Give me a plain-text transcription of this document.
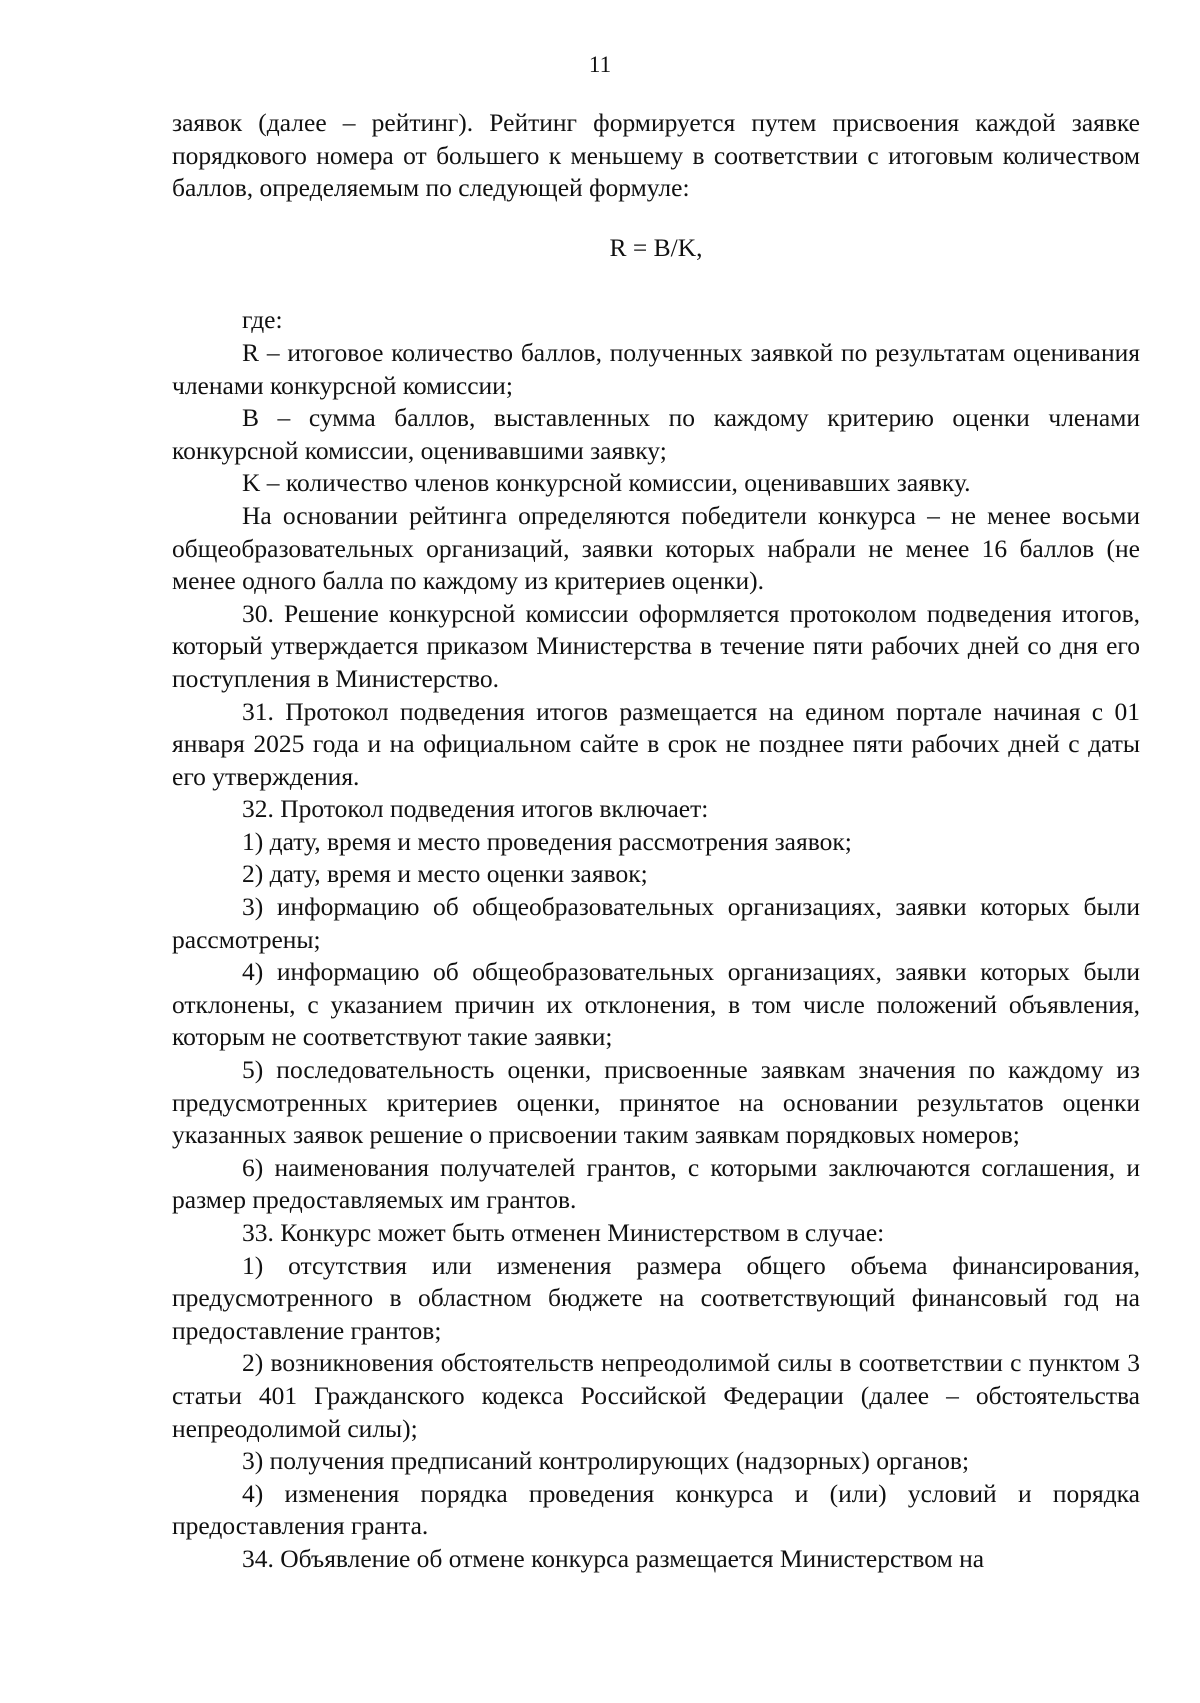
11

заявок (далее – рейтинг). Рейтинг формируется путем присвоения каждой заявке порядкового номера от большего к меньшему в соответствии с итоговым количеством баллов, определяемым по следующей формуле:

R = B/K,

где:

R – итоговое количество баллов, полученных заявкой по результатам оценивания членами конкурсной комиссии;

B – сумма баллов, выставленных по каждому критерию оценки членами конкурсной комиссии, оценивавшими заявку;

K – количество членов конкурсной комиссии, оценивавших заявку.

На основании рейтинга определяются победители конкурса – не менее восьми общеобразовательных организаций, заявки которых набрали не менее 16 баллов (не менее одного балла по каждому из критериев оценки).

30. Решение конкурсной комиссии оформляется протоколом подведения итогов, который утверждается приказом Министерства в течение пяти рабочих дней со дня его поступления в Министерство.

31. Протокол подведения итогов размещается на едином портале начиная с 01 января 2025 года и на официальном сайте в срок не позднее пяти рабочих дней с даты его утверждения.

32. Протокол подведения итогов включает:

1) дату, время и место проведения рассмотрения заявок;

2) дату, время и место оценки заявок;

3) информацию об общеобразовательных организациях, заявки которых были рассмотрены;

4) информацию об общеобразовательных организациях, заявки которых были отклонены, с указанием причин их отклонения, в том числе положений объявления, которым не соответствуют такие заявки;

5) последовательность оценки, присвоенные заявкам значения по каждому из предусмотренных критериев оценки, принятое на основании результатов оценки указанных заявок решение о присвоении таким заявкам порядковых номеров;

6) наименования получателей грантов, с которыми заключаются соглашения, и размер предоставляемых им грантов.

33. Конкурс может быть отменен Министерством в случае:

1) отсутствия или изменения размера общего объема финансирования, предусмотренного в областном бюджете на соответствующий финансовый год на предоставление грантов;

2) возникновения обстоятельств непреодолимой силы в соответствии с пунктом 3 статьи 401 Гражданского кодекса Российской Федерации (далее – обстоятельства непреодолимой силы);

3) получения предписаний контролирующих (надзорных) органов;

4) изменения порядка проведения конкурса и (или) условий и порядка предоставления гранта.

34. Объявление об отмене конкурса размещается Министерством на
